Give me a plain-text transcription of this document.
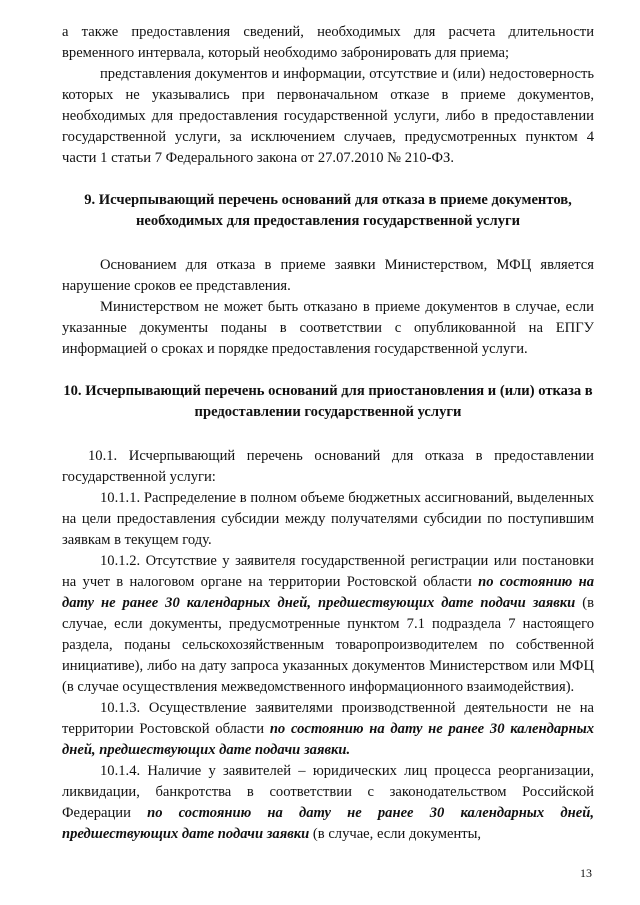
а также предоставления сведений, необходимых для расчета длительности временного интервала, который необходимо забронировать для приема;

представления документов и информации, отсутствие и (или) недостоверность которых не указывались при первоначальном отказе в приеме документов, необходимых для предоставления государственной услуги, либо в предоставлении государственной услуги, за исключением случаев, предусмотренных пунктом 4 части 1 статьи 7 Федерального закона от 27.07.2010 № 210-ФЗ.

9. Исчерпывающий перечень оснований для отказа в приеме документов, необходимых для предоставления государственной услуги

Основанием для отказа в приеме заявки Министерством, МФЦ является нарушение сроков ее представления.

Министерством не может быть отказано в приеме документов в случае, если указанные документы поданы в соответствии с опубликованной на ЕПГУ информацией о сроках и порядке предоставления государственной услуги.

10. Исчерпывающий перечень оснований для приостановления и (или) отказа в предоставлении государственной услуги

10.1. Исчерпывающий перечень оснований для отказа в предоставлении государственной услуги:

10.1.1. Распределение в полном объеме бюджетных ассигнований, выделенных на цели предоставления субсидии между получателями субсидии по поступившим заявкам в текущем году.

10.1.2. Отсутствие у заявителя государственной регистрации или постановки на учет в налоговом органе на территории Ростовской области по состоянию на дату не ранее 30 календарных дней, предшествующих дате подачи заявки (в случае, если документы, предусмотренные пунктом 7.1 подраздела 7 настоящего раздела, поданы сельскохозяйственным товаропроизводителем по собственной инициативе), либо на дату запроса указанных документов Министерством или МФЦ (в случае осуществления межведомственного информационного взаимодействия).

10.1.3. Осуществление заявителями производственной деятельности не на территории Ростовской области по состоянию на дату не ранее 30 календарных дней, предшествующих дате подачи заявки.

10.1.4. Наличие у заявителей – юридических лиц процесса реорганизации, ликвидации, банкротства в соответствии с законодательством Российской Федерации по состоянию на дату не ранее 30 календарных дней, предшествующих дате подачи заявки (в случае, если документы,

13
